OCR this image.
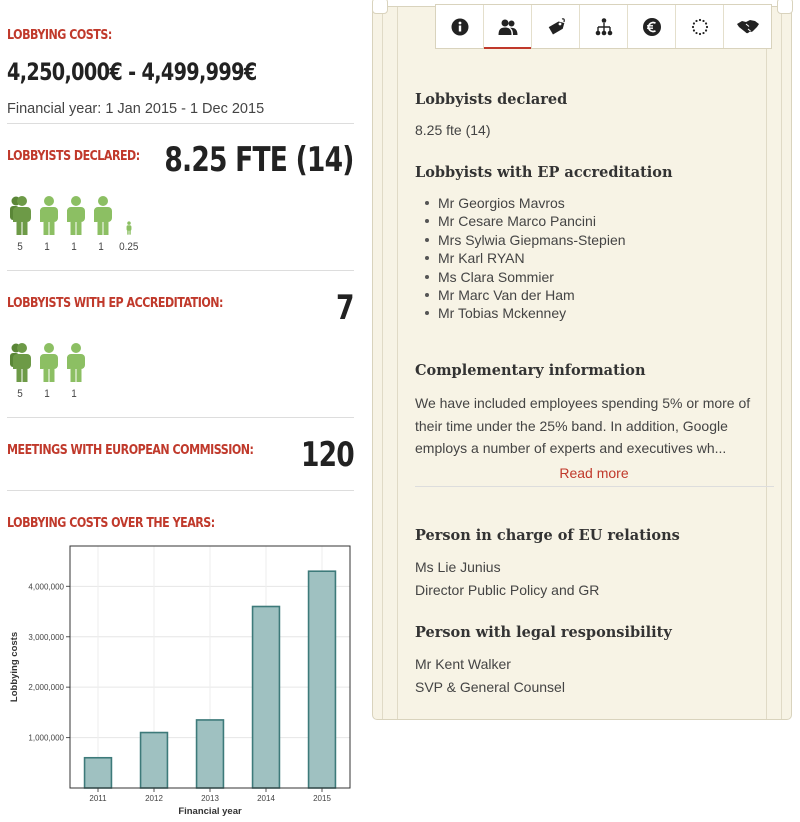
LOBBYING COSTS:
4,250,000€ - 4,499,999€
Financial year: 1 Jan 2015 - 1 Dec 2015
LOBBYISTS DECLARED: 8.25 FTE (14)
5 1 1 1 0.25
LOBBYISTS WITH EP ACCREDITATION:	7
5 1 1
MEETINGS WITH EUROPEAN COMMISSION: 120
LOBBYING COSTS OVER THE YEARS:
1,000,000
2,000,000
3,000,000
4,000,000
2011	2012	2013	2014	2015
Financial year
Lobbying costs
Lobbyists declared
8.25 fte (14)
Lobbyists with EP accreditation
Mr Georgios Mavros
Mr Cesare Marco Pancini
Mrs Sylwia Giepmans-Stepien
Mr Karl RYAN
Ms Clara Sommier
Mr Marc Van der Ham
Mr Tobias Mckenney
Complementary information
We have included employees spending 5% or more of their time under the 25% band. In addition, Google employs a number of experts and executives wh...
Read more
Person in charge of EU relations
Ms Lie Junius
Director Public Policy and GR
Person with legal responsibility
Mr Kent Walker
SVP & General Counsel
